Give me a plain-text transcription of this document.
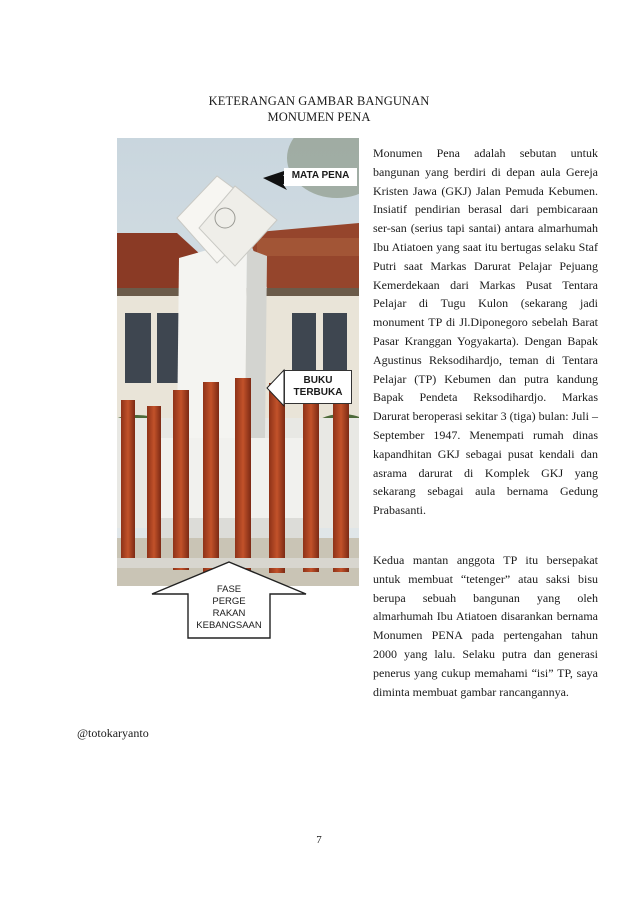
KETERANGAN GAMBAR BANGUNAN
MONUMEN PENA
MATA PENA
BUKU
TERBUKA
FASE
PERGE RAKAN
KEBANGSAAN

Monumen Pena adalah sebutan untuk bangunan yang berdiri di depan aula Gereja Kristen Jawa (GKJ) Jalan Pemuda Kebumen. Insiatif pendirian berasal dari pembicaraan ser-san (serius tapi santai) antara almarhumah Ibu Atiatoen yang saat itu bertugas selaku Staf Putri saat Markas Darurat Pelajar Pejuang Kemerdekaan dari Markas Pusat Tentara Pelajar di Tugu Kulon (sekarang jadi monument TP di Jl.Diponegoro sebelah Barat Pasar Kranggan Yogyakarta). Dengan Bapak Agustinus Reksodihardjo, teman di Tentara Pelajar (TP) Kebumen dan putra kandung Bapak Pendeta Reksodihardjo. Markas Darurat beroperasi sekitar 3 (tiga) bulan: Juli – September 1947. Menempati rumah dinas kapandhitan GKJ sebagai pusat kendali dan asrama darurat di Komplek GKJ yang sekarang sebagai aula bernama Gedung Prabasanti.

Kedua mantan anggota TP itu bersepakat untuk membuat “tetenger” atau saksi bisu berupa sebuah bangunan yang oleh almarhumah Ibu Atiatoen disarankan bernama Monumen PENA pada pertengahan tahun 2000 yang lalu. Selaku putra dan generasi penerus yang cukup memahami “isi” TP, saya diminta membuat gambar rancangannya.

@totokaryanto
7
